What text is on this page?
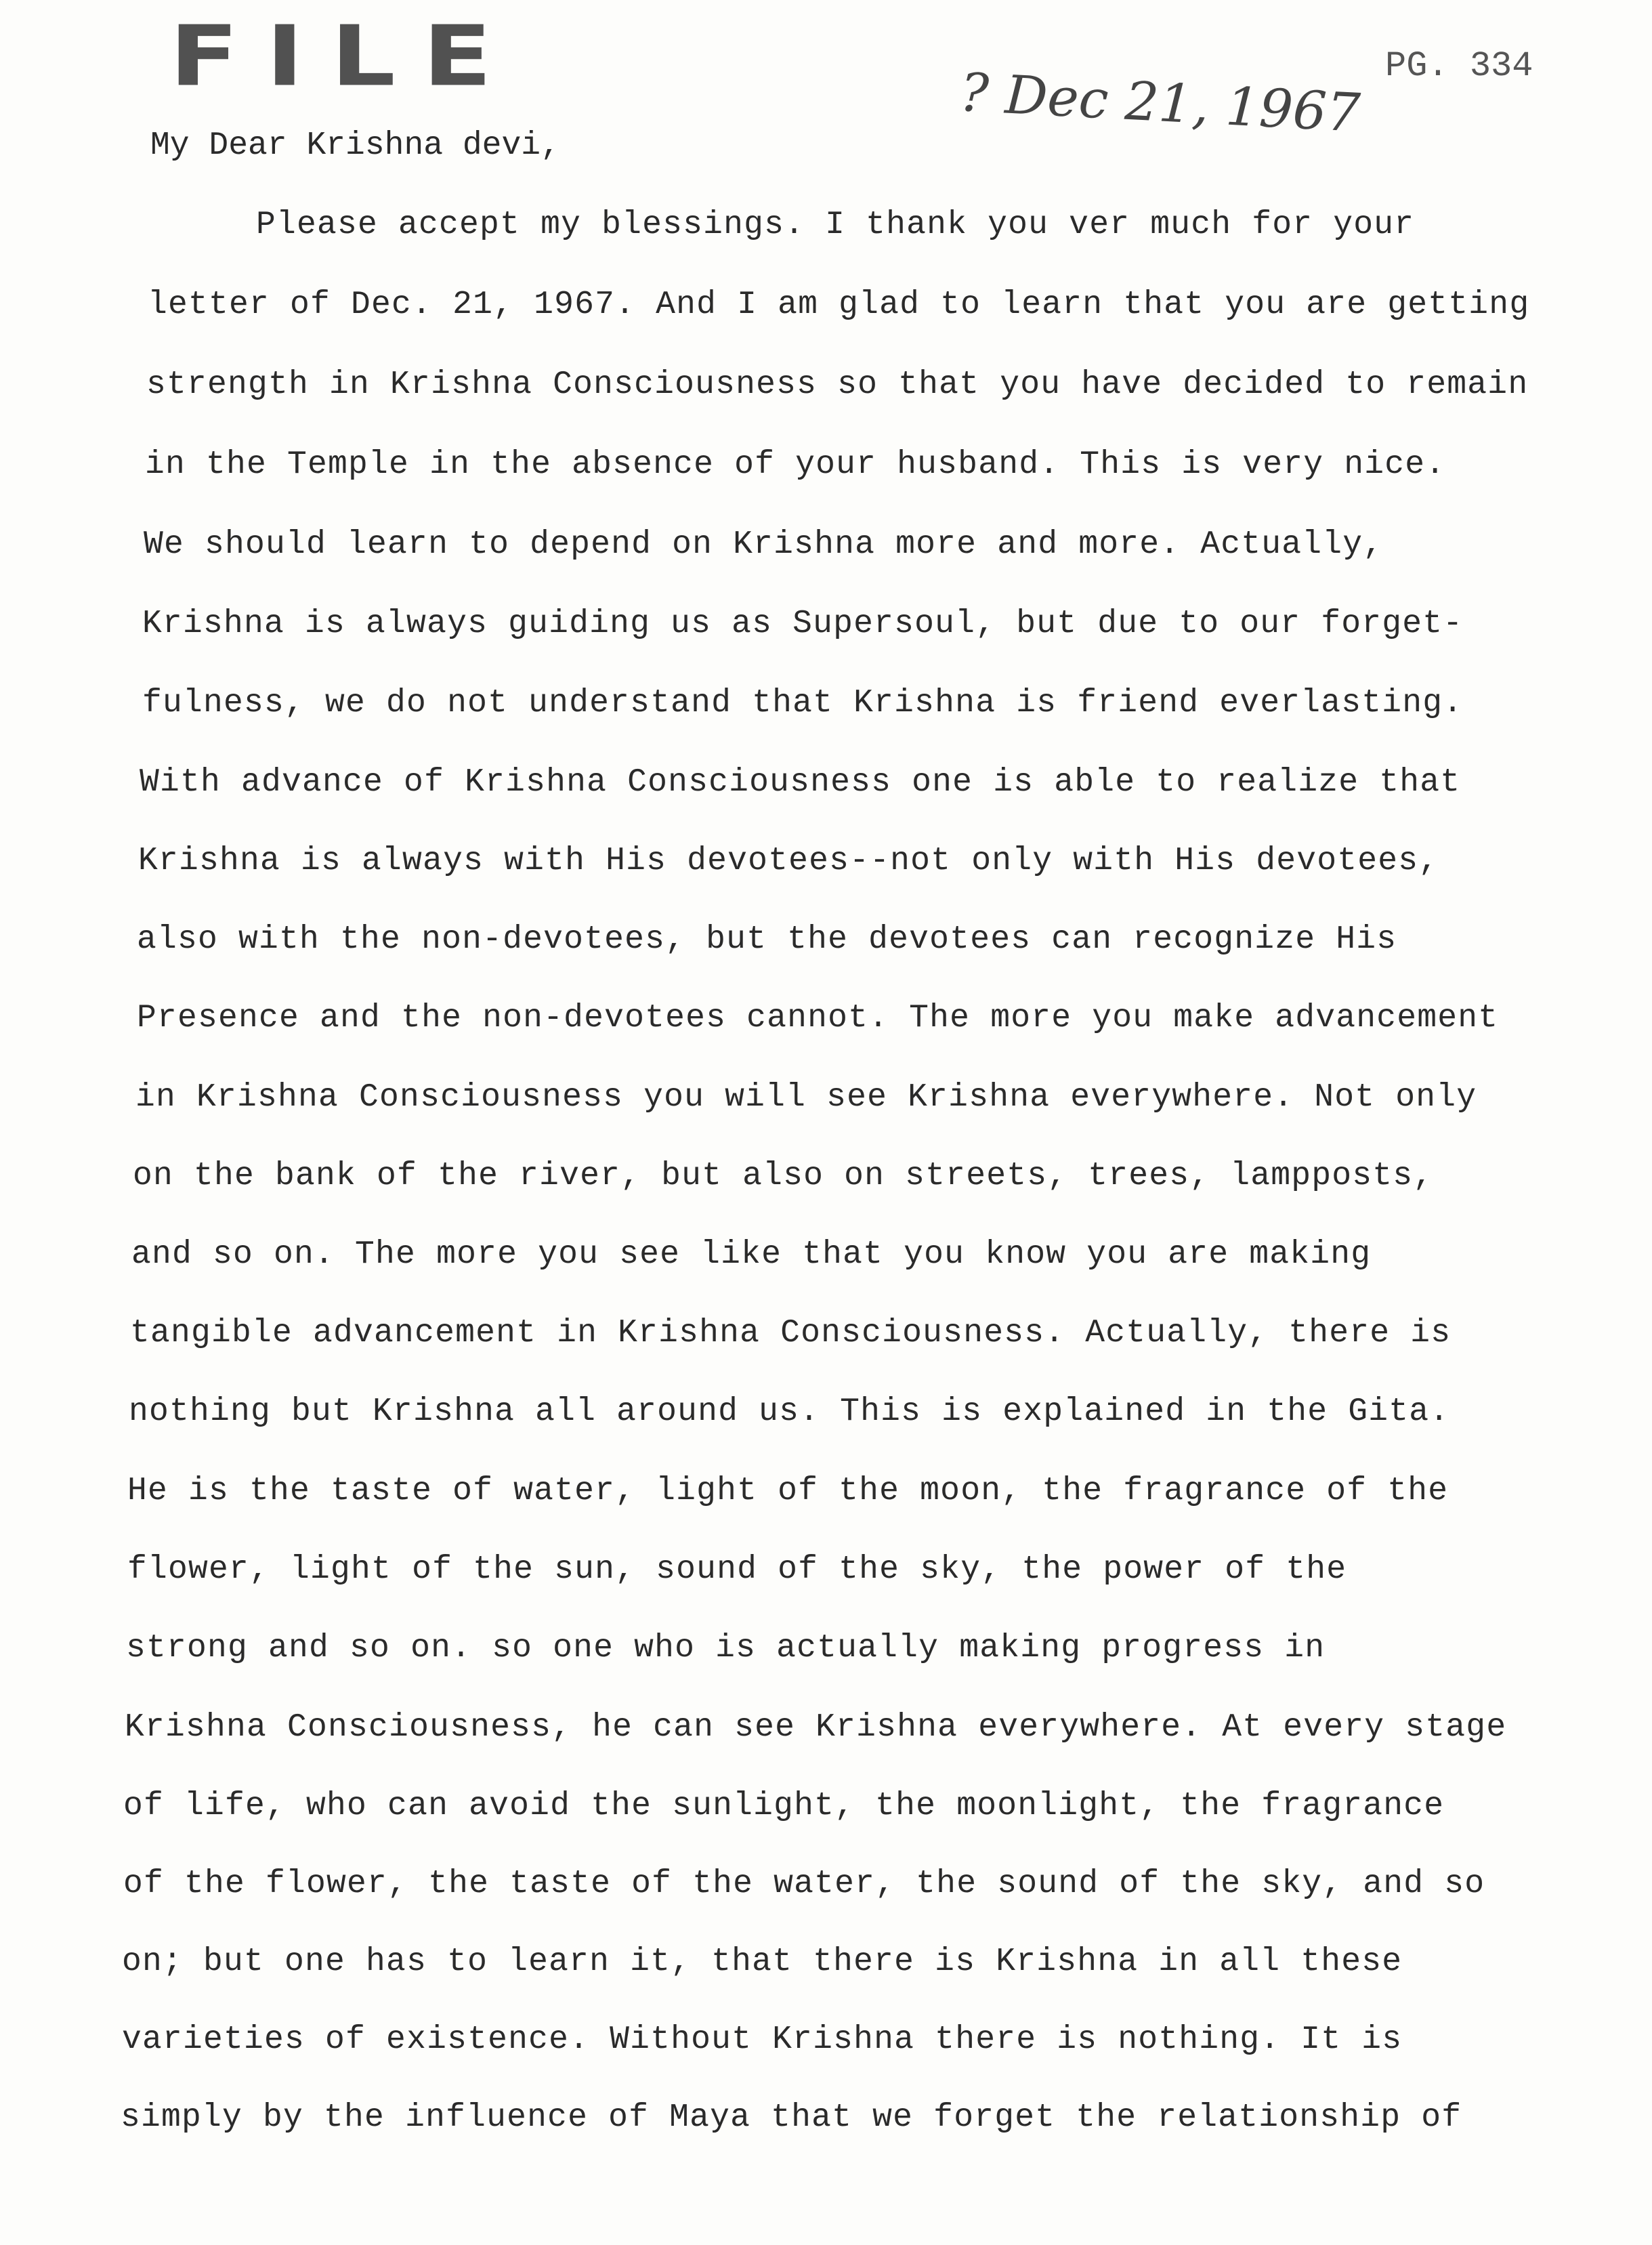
FILE	? Dec 21, 1967 PG. 334
My Dear Krishna devi,
Please accept my blessings. I thank you ver much for your
letter of Dec. 21, 1967. And I am glad to learn that you are getting
strength in Krishna Consciousness so that you have decided to remain
in the Temple in the absence of your husband. This is very nice.
We should learn to depend on Krishna more and more. Actually,
Krishna is always guiding us as Supersoul, but due to our forget-
fulness, we do not understand that Krishna is friend everlasting.
With advance of Krishna Consciousness one is able to realize that
Krishna is always with His devotees--not only with His devotees,
also with the non-devotees, but the devotees can recognize His
Presence and the non-devotees cannot. The more you make advancement
in Krishna Consciousness you will see Krishna everywhere. Not only
on the bank of the river, but also on streets, trees, lampposts,
and so on. The more you see like that you know you are making
tangible advancement in Krishna Consciousness. Actually, there is
nothing but Krishna all around us. This is explained in the Gita.
He is the taste of water, light of the moon, the fragrance of the
flower, light of the sun, sound of the sky, the power of the
strong and so on. so one who is actually making progress in
Krishna Consciousness, he can see Krishna everywhere. At every stage
of life, who can avoid the sunlight, the moonlight, the fragrance
of the flower, the taste of the water, the sound of the sky, and so
on; but one has to learn it, that there is Krishna in all these
varieties of existence. Without Krishna there is nothing. It is
simply by the influence of Maya that we forget the relationship of
